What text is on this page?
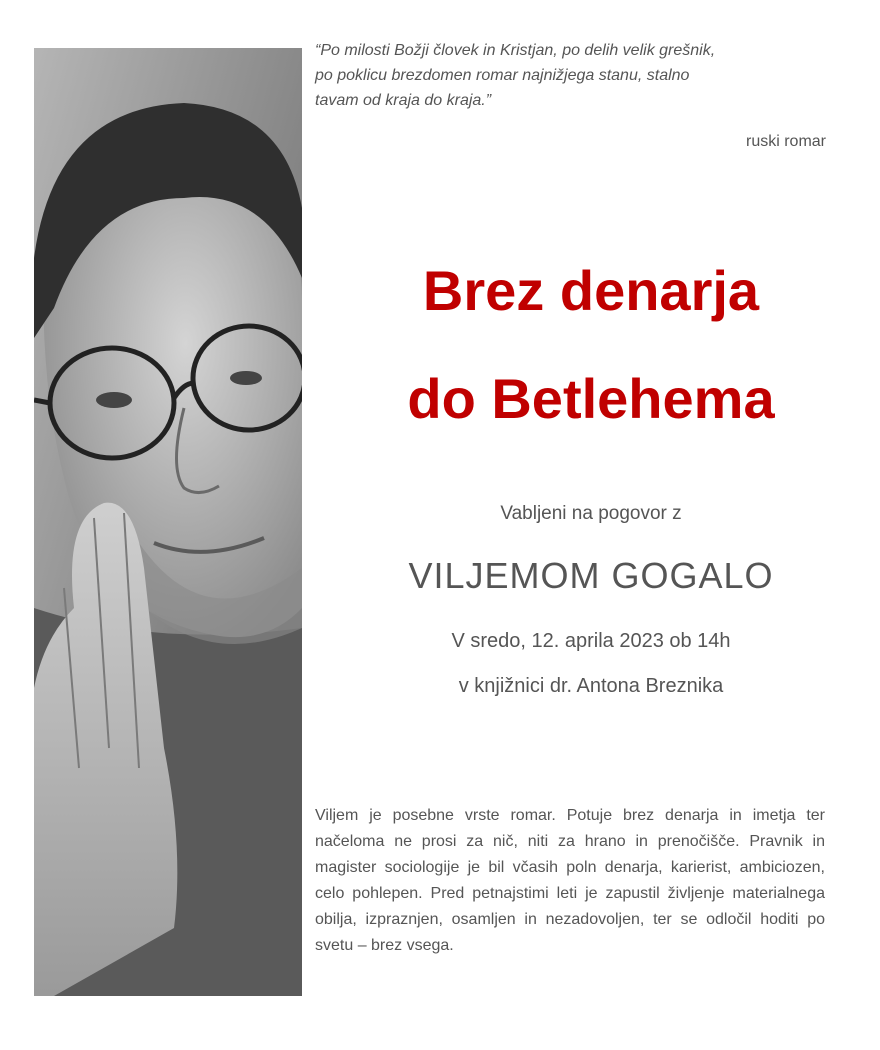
“Po milosti Božji človek in Kristjan, po delih velik grešnik,
po poklicu brezdomen romar najnižjega stanu, stalno
tavam od kraja do kraja.”
ruski romar
Brez denarja
do Betlehema
Vabljeni na pogovor z
VILJEMOM GOGALO
V sredo, 12. aprila 2023 ob 14h
v knjižnici dr. Antona Breznika
Viljem je posebne vrste romar. Potuje brez denarja in imetja ter načeloma ne prosi za nič, niti za hrano in prenočišče. Pravnik in magister sociologije je bil včasih poln denarja, karierist, ambiciozen, celo pohlepen. Pred petnajstimi leti je zapustil življenje materialnega obilja, izpraznjen, osamljen in nezadovoljen, ter se odločil hoditi po svetu – brez vsega.
